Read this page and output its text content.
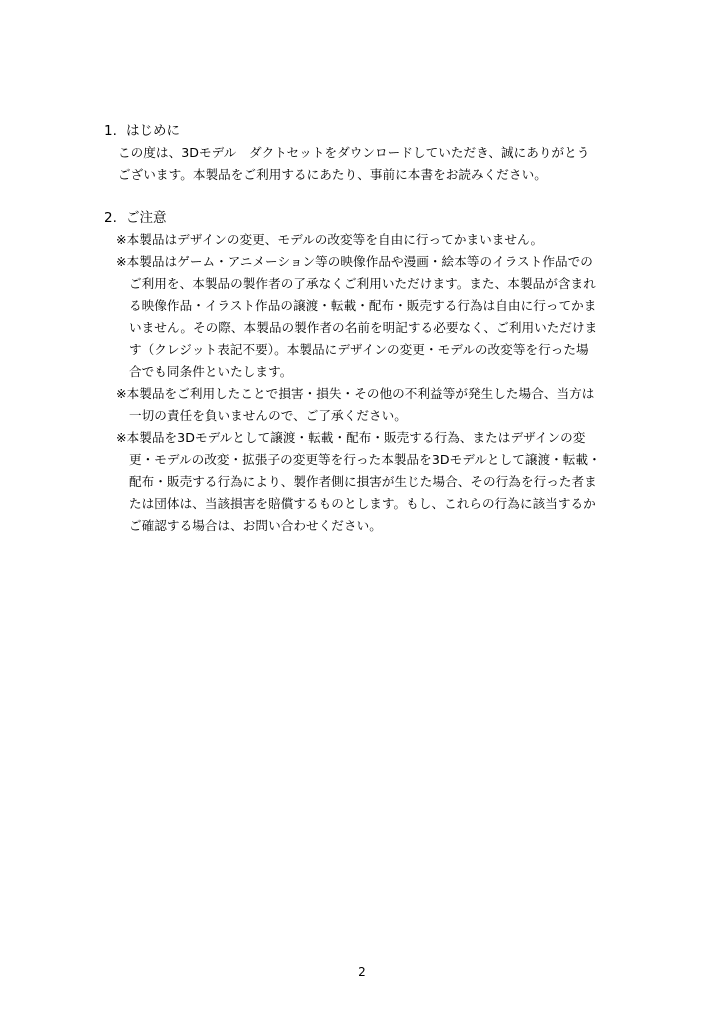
1. はじめに
この度は、3Dモデル　ダクトセットをダウンロードしていただき、誠にありがとう
ございます。本製品をご利用するにあたり、事前に本書をお読みください。
2. ご注意
※本製品はデザインの変更、モデルの改変等を自由に行ってかまいません。
※本製品はゲーム・アニメーション等の映像作品や漫画・絵本等のイラスト作品での
ご利用を、本製品の製作者の了承なくご利用いただけます。また、本製品が含まれ
る映像作品・イラスト作品の譲渡・転載・配布・販売する行為は自由に行ってかま
いません。その際、本製品の製作者の名前を明記する必要なく、ご利用いただけま
す（クレジット表記不要）。本製品にデザインの変更・モデルの改変等を行った場
合でも同条件といたします。
※本製品をご利用したことで損害・損失・その他の不利益等が発生した場合、当方は
一切の責任を負いませんので、ご了承ください。
※本製品を3Dモデルとして譲渡・転載・配布・販売する行為、またはデザインの変
更・モデルの改変・拡張子の変更等を行った本製品を3Dモデルとして譲渡・転載・
配布・販売する行為により、製作者側に損害が生じた場合、その行為を行った者ま
たは団体は、当該損害を賠償するものとします。もし、これらの行為に該当するか
ご確認する場合は、お問い合わせください。
2
